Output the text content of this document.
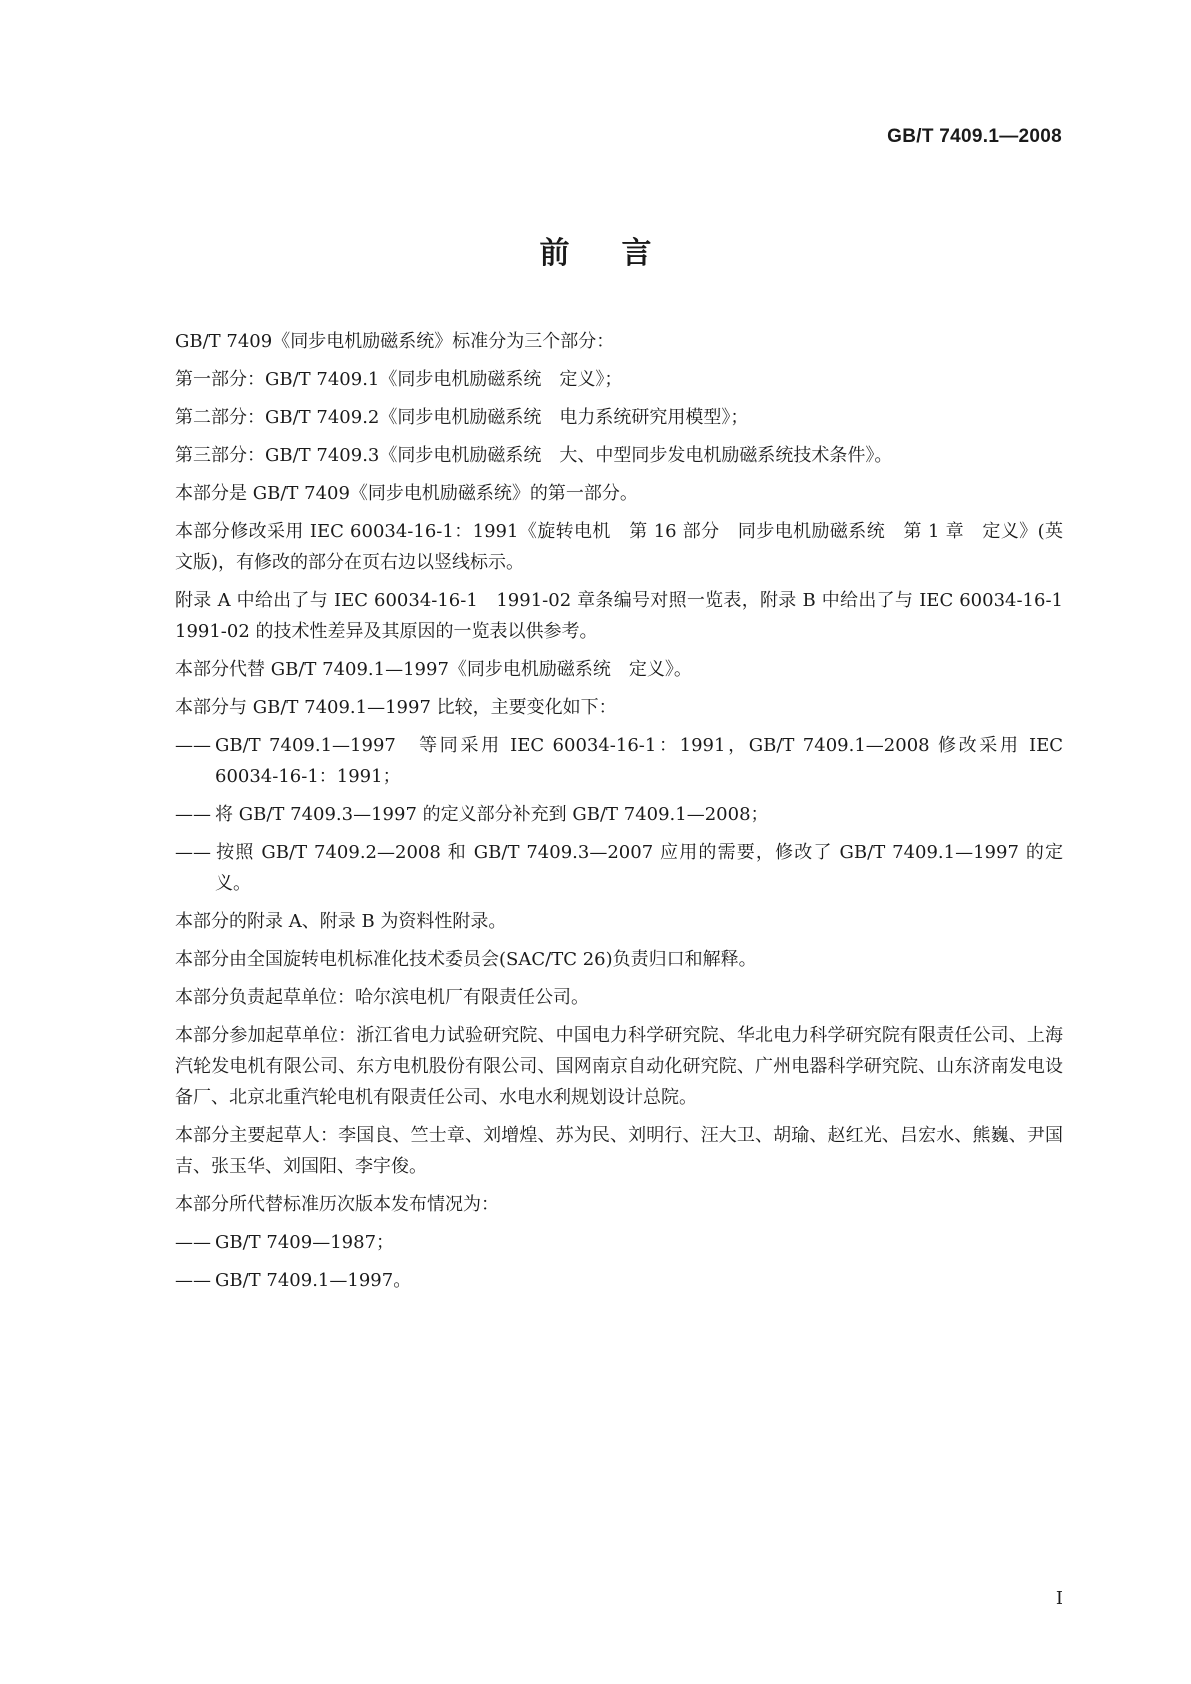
GB/T 7409.1—2008
前言

GB/T 7409《同步电机励磁系统》标准分为三个部分：

第一部分：GB/T 7409.1《同步电机励磁系统　定义》；

第二部分：GB/T 7409.2《同步电机励磁系统　电力系统研究用模型》；

第三部分：GB/T 7409.3《同步电机励磁系统　大、中型同步发电机励磁系统技术条件》。

本部分是 GB/T 7409《同步电机励磁系统》的第一部分。

本部分修改采用 IEC 60034-16-1：1991《旋转电机　第 16 部分　同步电机励磁系统　第 1 章　定义》(英文版)，有修改的部分在页右边以竖线标示。

附录 A 中给出了与 IEC 60034-16-1　1991-02 章条编号对照一览表，附录 B 中给出了与 IEC 60034-16-1 1991-02 的技术性差异及其原因的一览表以供参考。

本部分代替 GB/T 7409.1—1997《同步电机励磁系统　定义》。

本部分与 GB/T 7409.1—1997 比较，主要变化如下：

—— GB/T 7409.1—1997　等同采用 IEC 60034-16-1：1991，GB/T 7409.1—2008 修改采用 IEC 60034-16-1：1991；

—— 将 GB/T 7409.3—1997 的定义部分补充到 GB/T 7409.1—2008；

—— 按照 GB/T 7409.2—2008 和 GB/T 7409.3—2007 应用的需要，修改了 GB/T 7409.1—1997 的定义。

本部分的附录 A、附录 B 为资料性附录。

本部分由全国旋转电机标准化技术委员会(SAC/TC 26)负责归口和解释。

本部分负责起草单位：哈尔滨电机厂有限责任公司。

本部分参加起草单位：浙江省电力试验研究院、中国电力科学研究院、华北电力科学研究院有限责任公司、上海汽轮发电机有限公司、东方电机股份有限公司、国网南京自动化研究院、广州电器科学研究院、山东济南发电设备厂、北京北重汽轮电机有限责任公司、水电水利规划设计总院。

本部分主要起草人：李国良、竺士章、刘增煌、苏为民、刘明行、汪大卫、胡瑜、赵红光、吕宏水、熊巍、尹国吉、张玉华、刘国阳、李宇俊。

本部分所代替标准历次版本发布情况为：

—— GB/T 7409—1987；

—— GB/T 7409.1—1997。

I
